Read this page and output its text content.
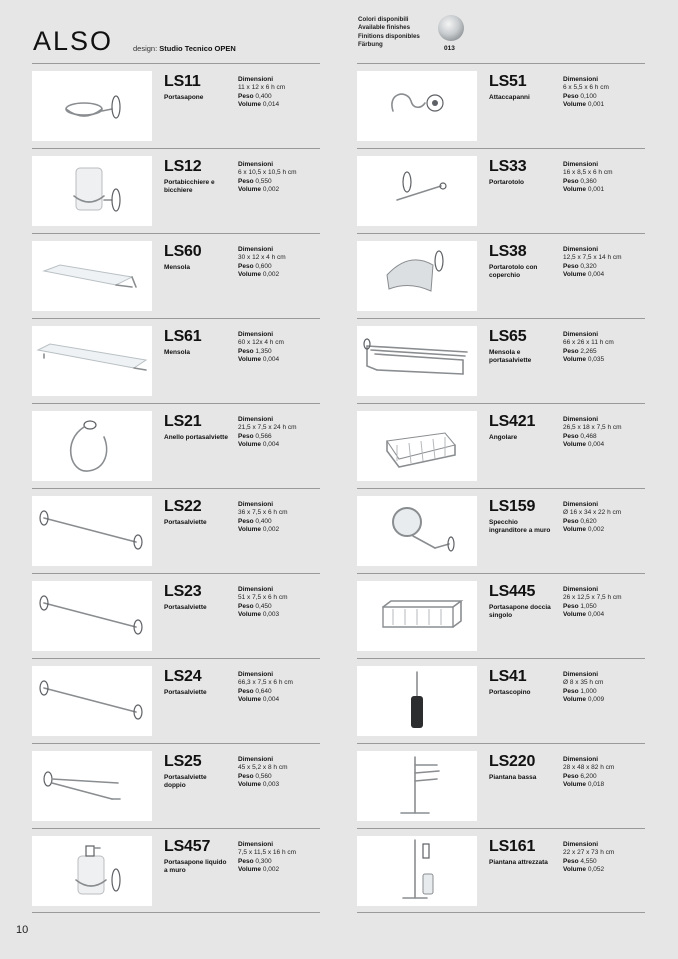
ALSO	design: Studio Tecnico OPEN
Colori disponibili
Available finishes
Finitions disponibles
Färbung
013
LS11
Portasapone
Dimensioni
11 x 12 x 6 h cm
Peso 0,400
Volume 0,014
LS12
Portabicchiere e bicchiere
Dimensioni
6 x 10,5 x 10,5 h cm
Peso 0,550
Volume 0,002
LS60
Mensola
Dimensioni
30 x 12 x 4 h cm
Peso 0,600
Volume 0,002
LS61
Mensola
Dimensioni
60 x 12x 4 h cm
Peso 1,350
Volume 0,004
LS21
Anello portasalviette
Dimensioni
21,5 x 7,5 x 24 h cm
Peso 0,566
Volume 0,004
LS22
Portasalviette
Dimensioni
36 x 7,5 x 6 h cm
Peso 0,400
Volume 0,002
LS23
Portasalviette
Dimensioni
51 x 7,5 x 6 h cm
Peso 0,450
Volume 0,003
LS24
Portasalviette
Dimensioni
66,3 x 7,5 x 6 h cm
Peso 0,640
Volume 0,004
LS25
Portasalviette doppio
Dimensioni
45 x 5,2 x 8 h cm
Peso 0,560
Volume 0,003
LS457
Portasapone liquido a muro
Dimensioni
7,5 x 11,5 x 16 h cm
Peso 0,300
Volume 0,002
LS51
Attaccapanni
Dimensioni
6 x 5,5 x 6 h cm
Peso 0,100
Volume 0,001
LS33
Portarotolo
Dimensioni
16 x 8,5 x 6 h cm
Peso 0,360
Volume 0,001
LS38
Portarotolo con coperchio
Dimensioni
12,5 x 7,5 x 14 h cm
Peso 0,320
Volume 0,004
LS65
Mensola e portasalviette
Dimensioni
66 x 26 x 11 h cm
Peso 2,265
Volume 0,035
LS421
Angolare
Dimensioni
26,5 x 18 x 7,5 h cm
Peso 0,468
Volume 0,004
LS159
Specchio ingranditore a muro
Dimensioni
Ø 16 x 34 x 22 h cm
Peso 0,620
Volume 0,002
LS445
Portasapone doccia singolo
Dimensioni
26 x 12,5 x 7,5 h cm
Peso 1,050
Volume 0,004
LS41
Portascopino
Dimensioni
Ø 8 x 35 h cm
Peso 1,000
Volume 0,009
LS220
Piantana bassa
Dimensioni
28 x 48 x 82 h cm
Peso 6,200
Volume 0,018
LS161
Piantana attrezzata
Dimensioni
22 x 27 x 73 h cm
Peso 4,550
Volume 0,052
10
